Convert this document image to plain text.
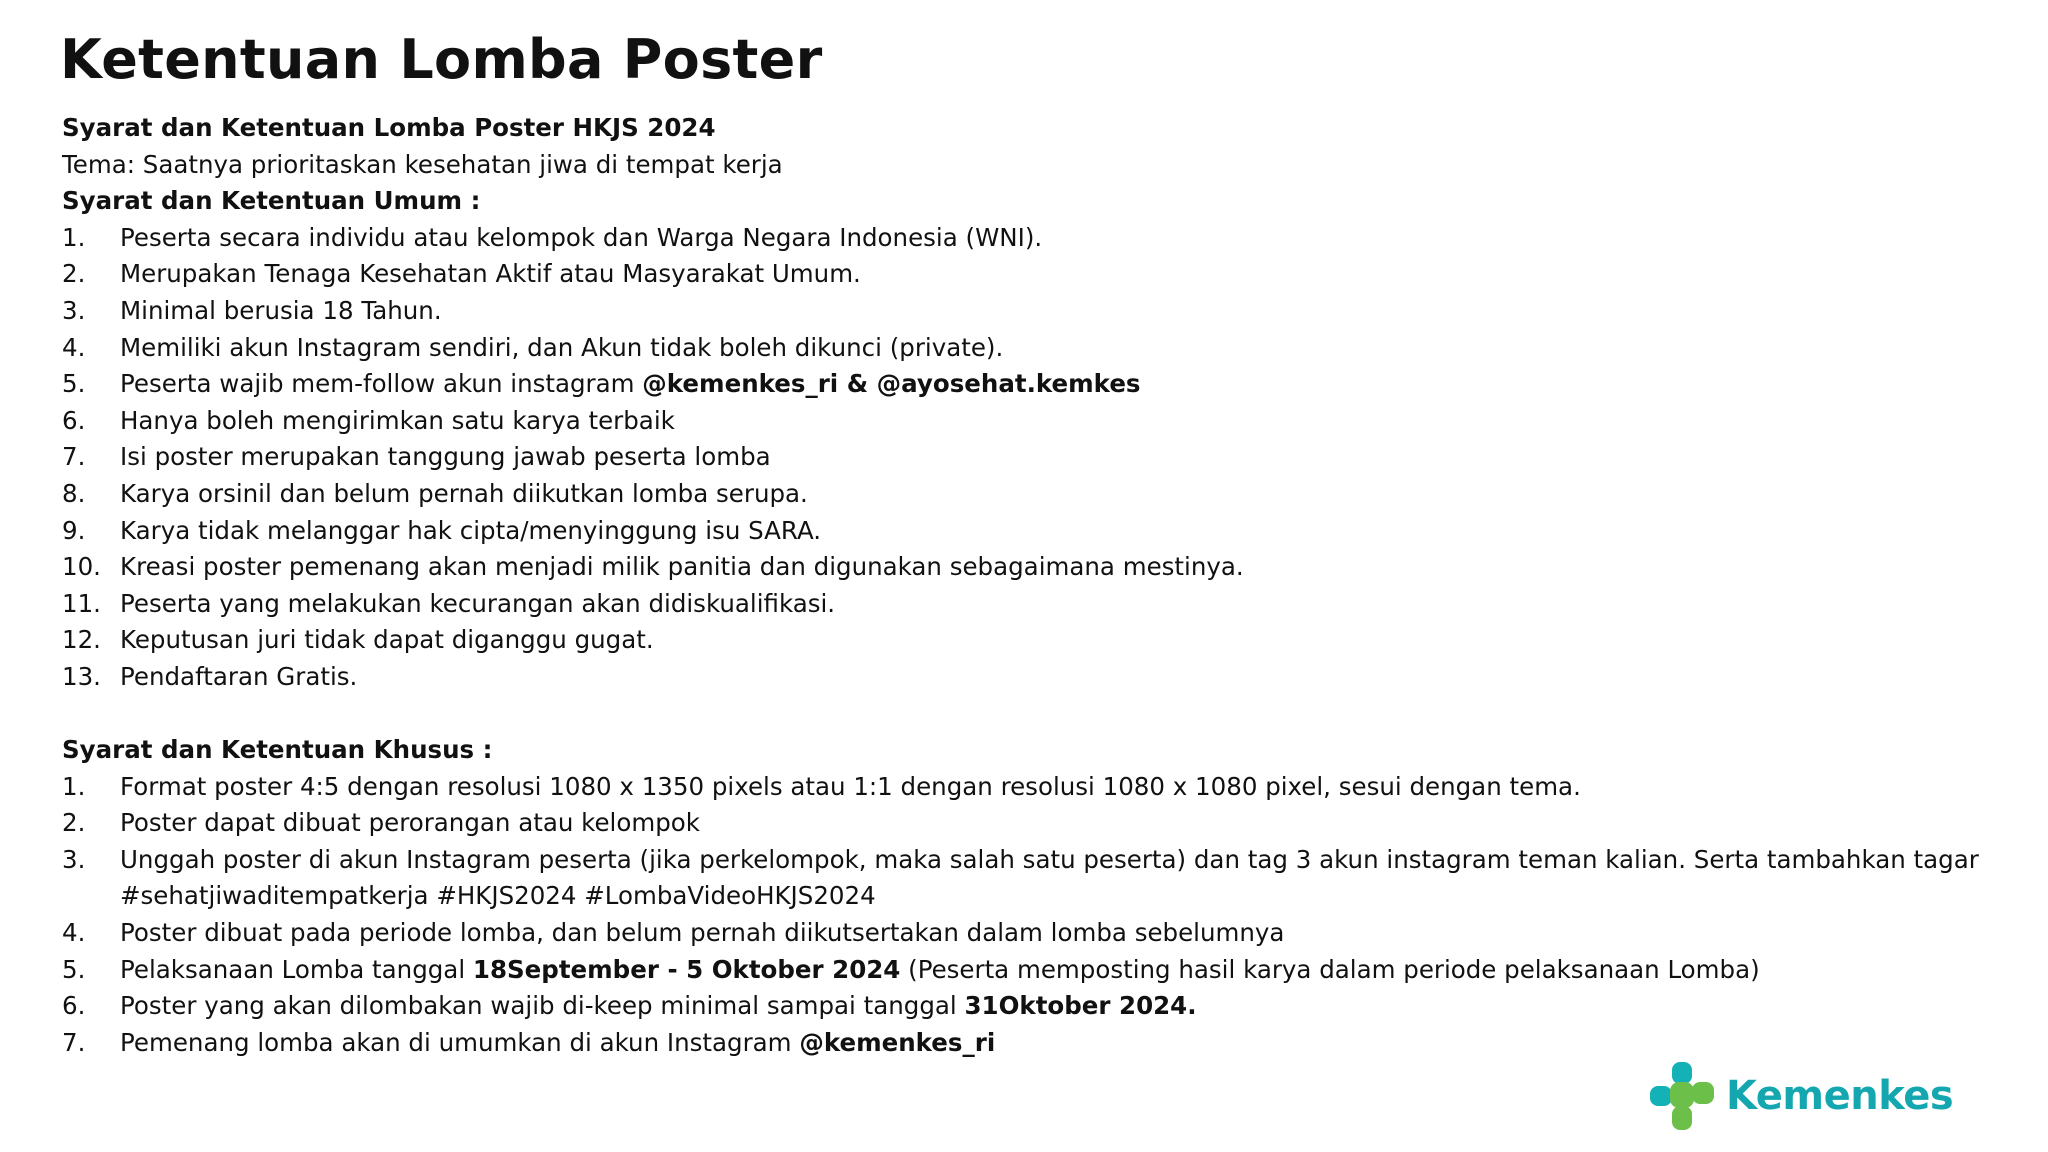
Ketentuan Lomba Poster
Syarat dan Ketentuan Lomba Poster HKJS 2024
Tema: Saatnya prioritaskan kesehatan jiwa di tempat kerja
Syarat dan Ketentuan Umum :
1.	Peserta secara individu atau kelompok dan Warga Negara Indonesia (WNI).
2.	Merupakan Tenaga Kesehatan Aktif atau Masyarakat Umum.
3.	Minimal berusia 18 Tahun.
4.	Memiliki akun Instagram sendiri, dan Akun tidak boleh dikunci (private).
5.	Peserta wajib mem-follow akun instagram @kemenkes_ri & @ayosehat.kemkes
6.	Hanya boleh mengirimkan satu karya terbaik
7.	Isi poster merupakan tanggung jawab peserta lomba
8.	Karya orsinil dan belum pernah diikutkan lomba serupa.
9.	Karya tidak melanggar hak cipta/menyinggung isu SARA.
10. Kreasi poster pemenang akan menjadi milik panitia dan digunakan sebagaimana mestinya.
11. Peserta yang melakukan kecurangan akan didiskualifikasi.
12. Keputusan juri tidak dapat diganggu gugat.
13. Pendaftaran Gratis.
Syarat dan Ketentuan Khusus :
1.	Format poster 4:5 dengan resolusi 1080 x 1350 pixels atau 1:1 dengan resolusi 1080 x 1080 pixel, sesui dengan tema.
2.	Poster dapat dibuat perorangan atau kelompok
3.	Unggah poster di akun Instagram peserta (jika perkelompok, maka salah satu peserta) dan tag 3 akun instagram teman kalian. Serta tambahkan tagar #sehatjiwaditempatkerja #HKJS2024 #LombaVideoHKJS2024
4.	Poster dibuat pada periode lomba, dan belum pernah diikutsertakan dalam lomba sebelumnya
5.	Pelaksanaan Lomba tanggal 18September - 5 Oktober 2024 (Peserta memposting hasil karya dalam periode pelaksanaan Lomba)
6.	Poster yang akan dilombakan wajib di-keep minimal sampai tanggal 31Oktober 2024.
7.	Pemenang lomba akan di umumkan di akun Instagram @kemenkes_ri
Kemenkes
